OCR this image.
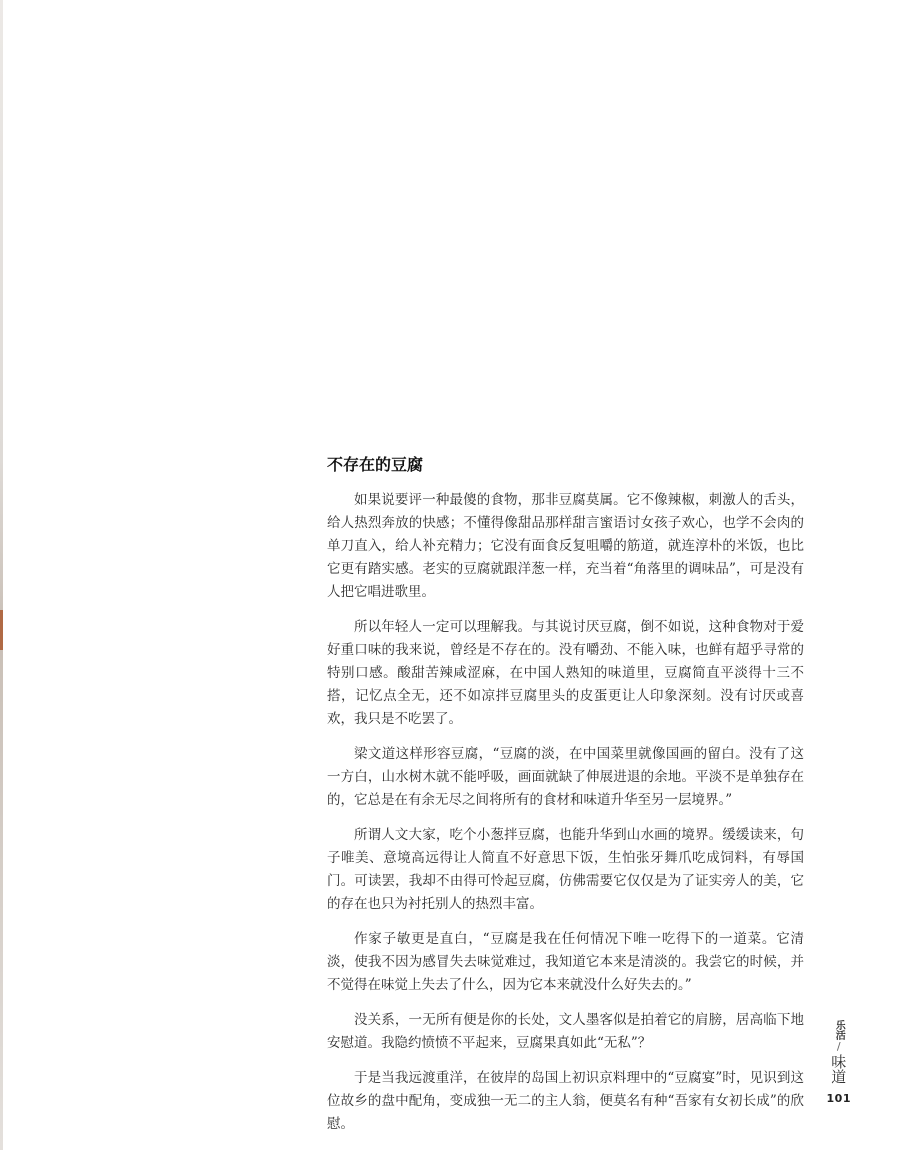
不存在的豆腐

如果说要评一种最傻的食物，那非豆腐莫属。它不像辣椒，刺激人的舌头，给人热烈奔放的快感；不懂得像甜品那样甜言蜜语讨女孩子欢心，也学不会肉的单刀直入，给人补充精力；它没有面食反复咀嚼的筋道，就连淳朴的米饭，也比它更有踏实感。老实的豆腐就跟洋葱一样，充当着“角落里的调味品”，可是没有人把它唱进歌里。

所以年轻人一定可以理解我。与其说讨厌豆腐，倒不如说，这种食物对于爱好重口味的我来说，曾经是不存在的。没有嚼劲、不能入味，也鲜有超乎寻常的特别口感。酸甜苦辣咸涩麻，在中国人熟知的味道里，豆腐简直平淡得十三不搭，记忆点全无，还不如凉拌豆腐里头的皮蛋更让人印象深刻。没有讨厌或喜欢，我只是不吃罢了。

梁文道这样形容豆腐，“豆腐的淡，在中国菜里就像国画的留白。没有了这一方白，山水树木就不能呼吸，画面就缺了伸展进退的余地。平淡不是单独存在的，它总是在有余无尽之间将所有的食材和味道升华至另一层境界。”

所谓人文大家，吃个小葱拌豆腐，也能升华到山水画的境界。缓缓读来，句子唯美、意境高远得让人简直不好意思下饭，生怕张牙舞爪吃成饲料，有辱国门。可读罢，我却不由得可怜起豆腐，仿佛需要它仅仅是为了证实旁人的美，它的存在也只为衬托别人的热烈丰富。

作家子敏更是直白，“豆腐是我在任何情况下唯一吃得下的一道菜。它清淡，使我不因为感冒失去味觉难过，我知道它本来是清淡的。我尝它的时候，并不觉得在味觉上失去了什么，因为它本来就没什么好失去的。”

没关系，一无所有便是你的长处，文人墨客似是拍着它的肩膀，居高临下地安慰道。我隐约愤愤不平起来，豆腐果真如此“无私”？

于是当我远渡重洋，在彼岸的岛国上初识京料理中的“豆腐宴”时，见识到这位故乡的盘中配角，变成独一无二的主人翁，便莫名有种“吾家有女初长成”的欣慰。

乐活
/
味道
101
